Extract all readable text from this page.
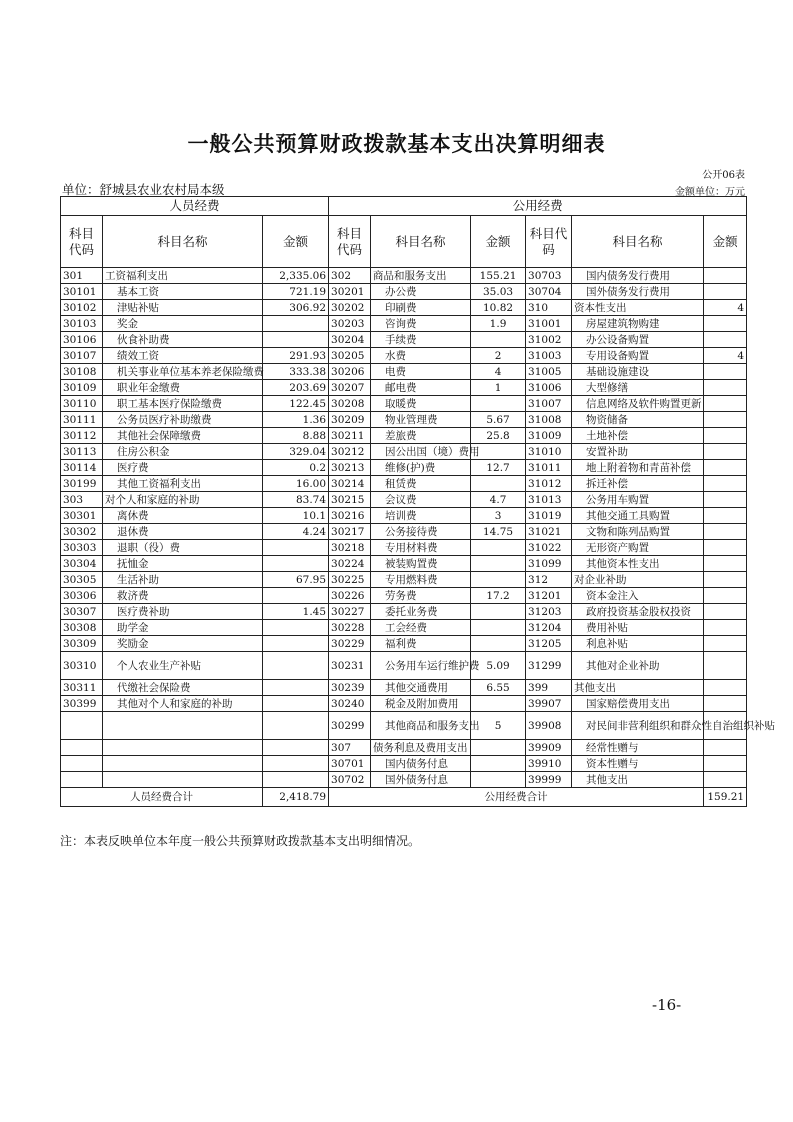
一般公共预算财政拨款基本支出决算明细表
公开06表
单位：舒城县农业农村局本级	金额单位：万元
人员经费			公用经费					
科目代码	科目名称	金额	科目代码	科目名称	金额	科目代码	科目名称	金额
301	工资福利支出	2,335.06	302	商品和服务支出	155.21	30703	国内债务发行费用	
30101	基本工资	721.19	30201	办公费	35.03	30704	国外债务发行费用	
30102	津贴补贴	306.92	30202	印刷费	10.82	310	资本性支出	4
30103	奖金		30203	咨询费	1.9	31001	房屋建筑物购建	
30106	伙食补助费		30204	手续费		31002	办公设备购置	
30107	绩效工资	291.93	30205	水费	2	31003	专用设备购置	4
30108	机关事业单位基本养老保险缴费	333.38	30206	电费	4	31005	基础设施建设	
30109	职业年金缴费	203.69	30207	邮电费	1	31006	大型修缮	
30110	职工基本医疗保险缴费	122.45	30208	取暖费		31007	信息网络及软件购置更新	
30111	公务员医疗补助缴费	1.36	30209	物业管理费	5.67	31008	物资储备	
30112	其他社会保障缴费	8.88	30211	差旅费	25.8	31009	土地补偿	
30113	住房公积金	329.04	30212	因公出国（境）费用		31010	安置补助	
30114	医疗费	0.2	30213	维修(护)费	12.7	31011	地上附着物和青苗补偿	
30199	其他工资福利支出	16.00	30214	租赁费		31012	拆迁补偿	
303	对个人和家庭的补助	83.74	30215	会议费	4.7	31013	公务用车购置	
30301	离休费	10.1	30216	培训费	3	31019	其他交通工具购置	
30302	退休费	4.24	30217	公务接待费	14.75	31021	文物和陈列品购置	
30303	退职（役）费		30218	专用材料费		31022	无形资产购置	
30304	抚恤金		30224	被装购置费		31099	其他资本性支出	
30305	生活补助	67.95	30225	专用燃料费		312	对企业补助	
30306	救济费		30226	劳务费	17.2	31201	资本金注入	
30307	医疗费补助	1.45	30227	委托业务费		31203	政府投资基金股权投资	
30308	助学金		30228	工会经费		31204	费用补贴	
30309	奖励金		30229	福利费		31205	利息补贴	
30310	个人农业生产补贴		30231	公务用车运行维护费	5.09	31299	其他对企业补助	
30311	代缴社会保险费		30239	其他交通费用	6.55	399	其他支出	
30399	其他对个人和家庭的补助		30240	税金及附加费用		39907	国家赔偿费用支出	
			30299	其他商品和服务支出	5	39908	对民间非营利组织和群众性自治组织补贴	
			307	债务利息及费用支出		39909	经常性赠与	
			30701	国内债务付息		39910	资本性赠与	
			30702	国外债务付息		39999	其他支出	
人员经费合计		2,418.79	公用经费合计					159.21
注：本表反映单位本年度一般公共预算财政拨款基本支出明细情况。
-16-
